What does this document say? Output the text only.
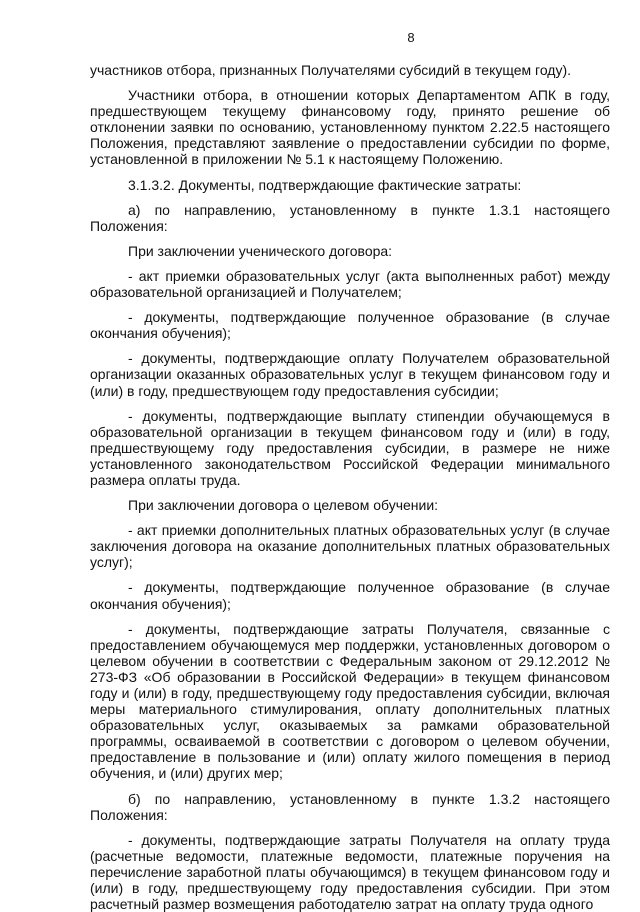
8

участников отбора, признанных Получателями субсидий в текущем году).

Участники отбора, в отношении которых Департаментом АПК в году, предшествующем текущему финансовому году, принято решение об отклонении заявки по основанию, установленному пунктом 2.22.5 настоящего Положения, представляют заявление о предоставлении субсидии по форме, установленной в приложении № 5.1 к настоящему Положению.

3.1.3.2. Документы, подтверждающие фактические затраты:

а) по направлению, установленному в пункте 1.3.1 настоящего Положения:

При заключении ученического договора:

- акт приемки образовательных услуг (акта выполненных работ) между образовательной организацией и Получателем;

- документы, подтверждающие полученное образование (в случае окончания обучения);

- документы, подтверждающие оплату Получателем образовательной организации оказанных образовательных услуг в текущем финансовом году и (или) в году, предшествующем году предоставления субсидии;

- документы, подтверждающие выплату стипендии обучающемуся в образовательной организации в текущем финансовом году и (или) в году, предшествующему году предоставления субсидии, в размере не ниже установленного законодательством Российской Федерации минимального размера оплаты труда.

При заключении договора о целевом обучении:

- акт приемки дополнительных платных образовательных услуг (в случае заключения договора на оказание дополнительных платных образовательных услуг);

- документы, подтверждающие полученное образование (в случае окончания обучения);

- документы, подтверждающие затраты Получателя, связанные с предоставлением обучающемуся мер поддержки, установленных договором о целевом обучении в соответствии с Федеральным законом от 29.12.2012 № 273-ФЗ «Об образовании в Российской Федерации» в текущем финансовом году и (или) в году, предшествующему году предоставления субсидии, включая меры материального стимулирования, оплату дополнительных платных образовательных услуг, оказываемых за рамками образовательной программы, осваиваемой в соответствии с договором о целевом обучении, предоставление в пользование и (или) оплату жилого помещения в период обучения, и (или) других мер;

б) по направлению, установленному в пункте 1.3.2 настоящего Положения:

- документы, подтверждающие затраты Получателя на оплату труда (расчетные ведомости, платежные ведомости, платежные поручения на перечисление заработной платы обучающимся) в текущем финансовом году и (или) в году, предшествующему году предоставления субсидии. При этом расчетный размер возмещения работодателю затрат на оплату труда одного
